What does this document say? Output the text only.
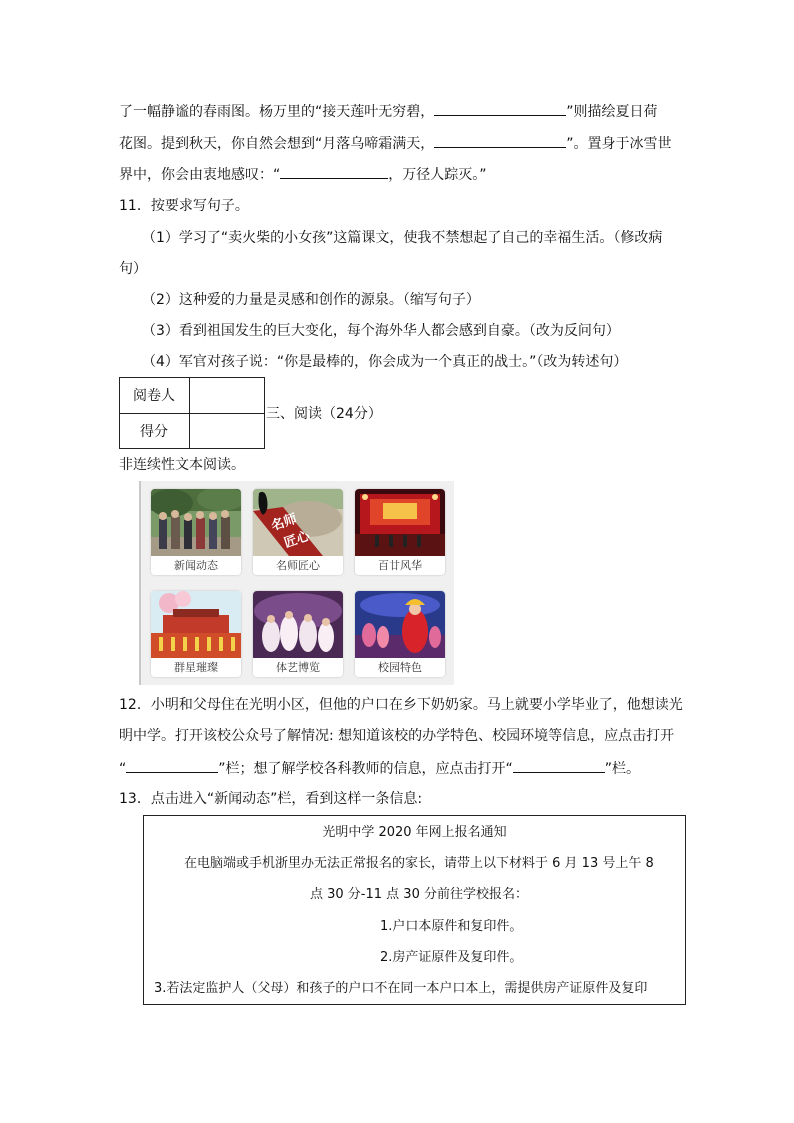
了一幅静谧的春雨图。杨万里的“接天莲叶无穷碧，	”则描绘夏日荷
花图。提到秋天，你自然会想到“月落乌啼霜满天，	”。置身于冰雪世
界中，你会由衷地感叹：“	，万径人踪灭。”
11．按要求写句子。
（1）学习了“卖火柴的小女孩”这篇课文，使我不禁想起了自己的幸福生活。（修改病
句）
（2）这种爱的力量是灵感和创作的源泉。（缩写句子）
（3）看到祖国发生的巨大变化，每个海外华人都会感到自豪。（改为反问句）
（4）军官对孩子说：“你是最棒的，你会成为一个真正的战士。”（改为转述句）
阅卷人
得分
三、阅读（24分）
非连续性文本阅读。
新闻动态
名师
匠心
名师匠心	百廿风华
群星璀璨	体艺博览	校园特色
12．小明和父母住在光明小区，但他的户口在乡下奶奶家。马上就要小学毕业了，他想读光
明中学。打开该校公众号了解情况: 想知道该校的办学特色、校园环境等信息，应点击打开
“	”栏；想了解学校各科教师的信息，应点击打开“	”栏。
13．点击进入“新闻动态”栏，看到这样一条信息:
光明中学 2020 年网上报名通知
在电脑端或手机浙里办无法正常报名的家长，请带上以下材料于 6 月 13 号上午 8
点 30 分-11 点 30 分前往学校报名：
1.户口本原件和复印件。
2.房产证原件及复印件。
3.若法定监护人（父母）和孩子的户口不在同一本户口本上，需提供房产证原件及复印
